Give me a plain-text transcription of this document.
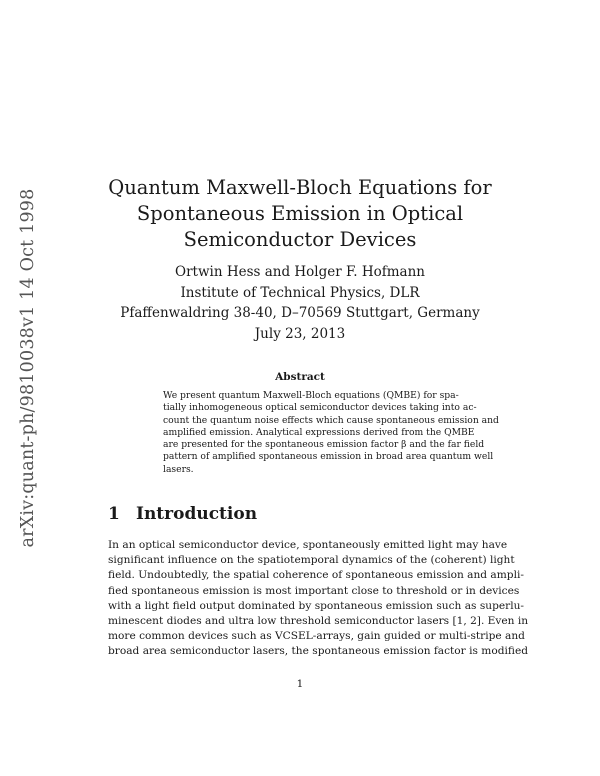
arXiv:quant-ph/9810038v1 14 Oct 1998
Quantum Maxwell-Bloch Equations for
Spontaneous Emission in Optical
Semiconductor Devices
Ortwin Hess and Holger F. Hofmann
Institute of Technical Physics, DLR
Pfaffenwaldring 38-40, D–70569 Stuttgart, Germany
July 23, 2013
Abstract
We present quantum Maxwell-Bloch equations (QMBE) for spa-
tially inhomogeneous optical semiconductor devices taking into ac-
count the quantum noise effects which cause spontaneous emission and
amplified emission. Analytical expressions derived from the QMBE
are presented for the spontaneous emission factor β and the far field
pattern of amplified spontaneous emission in broad area quantum well
lasers.
1 Introduction
In an optical semiconductor device, spontaneously emitted light may have
significant influence on the spatiotemporal dynamics of the (coherent) light
field. Undoubtedly, the spatial coherence of spontaneous emission and ampli-
fied spontaneous emission is most important close to threshold or in devices
with a light field output dominated by spontaneous emission such as superlu-
minescent diodes and ultra low threshold semiconductor lasers [1, 2]. Even in
more common devices such as VCSEL-arrays, gain guided or multi-stripe and
broad area semiconductor lasers, the spontaneous emission factor is modified
1
